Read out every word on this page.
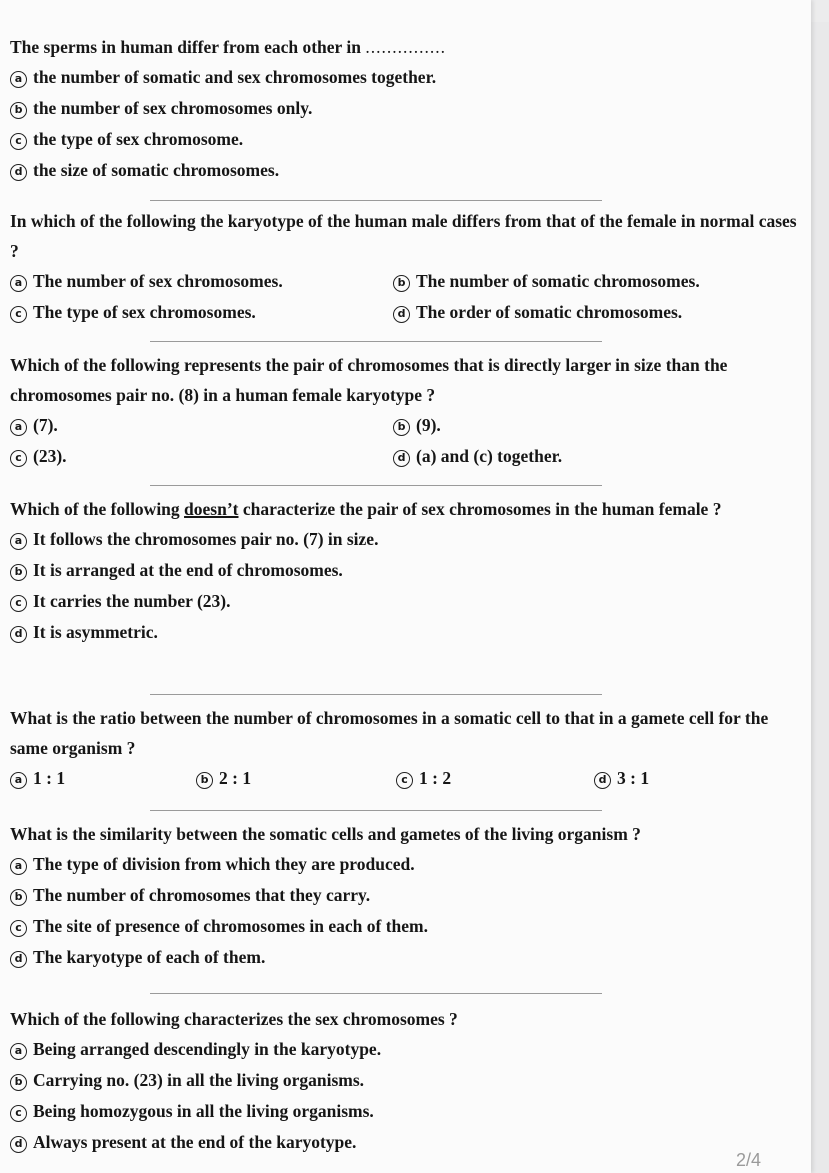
The sperms in human differ from each other in ...............
a the number of somatic and sex chromosomes together.
b the number of sex chromosomes only.
c the type of sex chromosome.
d the size of somatic chromosomes.
In which of the following the karyotype of the human male differs from that of the female in normal cases ?
a The number of sex chromosomes.	b The number of somatic chromosomes.
c The type of sex chromosomes.	d The order of somatic chromosomes.
Which of the following represents the pair of chromosomes that is directly larger in size than the chromosomes pair no. (8) in a human female karyotype ?
a (7).	b (9).
c (23).	d (a) and (c) together.
Which of the following doesn’t characterize the pair of sex chromosomes in the human female ?
a It follows the chromosomes pair no. (7) in size.
b It is arranged at the end of chromosomes.
c It carries the number (23).
d It is asymmetric.
What is the ratio between the number of chromosomes in a somatic cell to that in a gamete cell for the same organism ?
a 1 : 1	b 2 : 1	c 1 : 2	d 3 : 1
What is the similarity between the somatic cells and gametes of the living organism ?
a The type of division from which they are produced.
b The number of chromosomes that they carry.
c The site of presence of chromosomes in each of them.
d The karyotype of each of them.
Which of the following characterizes the sex chromosomes ?
a Being arranged descendingly in the karyotype.
b Carrying no. (23) in all the living organisms.
c Being homozygous in all the living organisms.
d Always present at the end of the karyotype.
2/4
